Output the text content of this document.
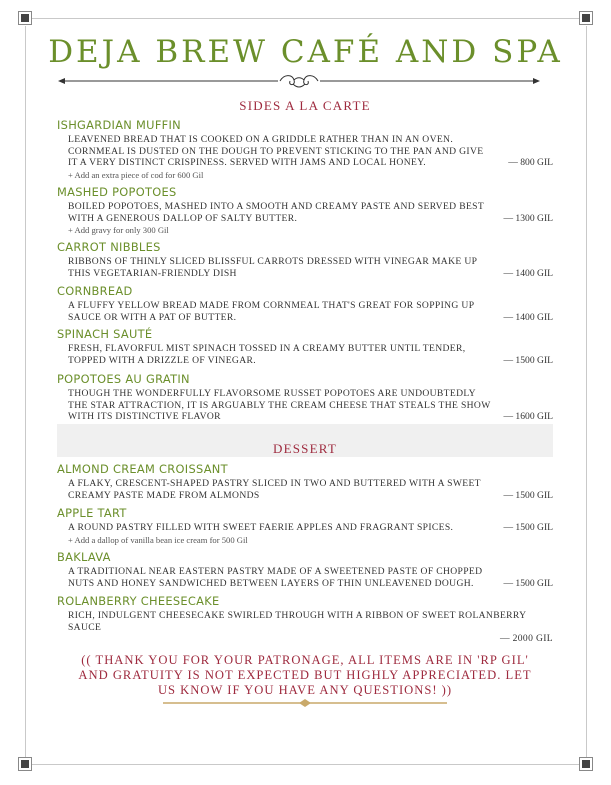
DEJA BREW CAFÉ AND SPA
SIDES A LA CARTE
ISHGARDIAN MUFFIN
LEAVENED BREAD THAT IS COOKED ON A GRIDDLE RATHER THAN IN AN OVEN. CORNMEAL IS DUSTED ON THE DOUGH TO PREVENT STICKING TO THE PAN AND GIVE IT A VERY DISTINCT CRISPINESS. SERVED WITH JAMS AND LOCAL HONEY.
+ Add an extra piece of cod for 600 Gil
— 800 GIL
MASHED POPOTOES
BOILED POPOTOES, MASHED INTO A SMOOTH AND CREAMY PASTE AND SERVED BEST WITH A GENEROUS DALLOP OF SALTY BUTTER.
+ Add gravy for only 300 Gil
— 1300 GIL
CARROT NIBBLES
RIBBONS OF THINLY SLICED BLISSFUL CARROTS DRESSED WITH VINEGAR MAKE UP THIS VEGETARIAN-FRIENDLY DISH	— 1400 GIL
CORNBREAD
A FLUFFY YELLOW BREAD MADE FROM CORNMEAL THAT'S GREAT FOR SOPPING UP SAUCE OR WITH A PAT OF BUTTER.	— 1400 GIL
SPINACH SAUTÉ
FRESH, FLAVORFUL MIST SPINACH TOSSED IN A CREAMY BUTTER UNTIL TENDER, TOPPED WITH A DRIZZLE OF VINEGAR.	— 1500 GIL
POPOTOES AU GRATIN
THOUGH THE WONDERFULLY FLAVORSOME RUSSET POPOTOES ARE UNDOUBTEDLY THE STAR ATTRACTION, IT IS ARGUABLY THE CREAM CHEESE THAT STEALS THE SHOW WITH ITS DISTINCTIVE FLAVOR	— 1600 GIL
DESSERT
ALMOND CREAM CROISSANT
A FLAKY, CRESCENT-SHAPED PASTRY SLICED IN TWO AND BUTTERED WITH A SWEET CREAMY PASTE MADE FROM ALMONDS	— 1500 GIL
APPLE TART
A ROUND PASTRY FILLED WITH SWEET FAERIE APPLES AND FRAGRANT SPICES.
+ Add a dallop of vanilla bean ice cream for 500 Gil
— 1500 GIL
BAKLAVA
A TRADITIONAL NEAR EASTERN PASTRY MADE OF A SWEETENED PASTE OF CHOPPED NUTS AND HONEY SANDWICHED BETWEEN LAYERS OF THIN UNLEAVENED DOUGH.	— 1500 GIL
ROLANBERRY CHEESECAKE
RICH, INDULGENT CHEESECAKE SWIRLED THROUGH WITH A RIBBON OF SWEET ROLANBERRY SAUCE
— 2000 GIL
(( THANK YOU FOR YOUR PATRONAGE, ALL ITEMS ARE IN 'RP GIL' AND GRATUITY IS NOT EXPECTED BUT HIGHLY APPRECIATED. LET US KNOW IF YOU HAVE ANY QUESTIONS! ))
